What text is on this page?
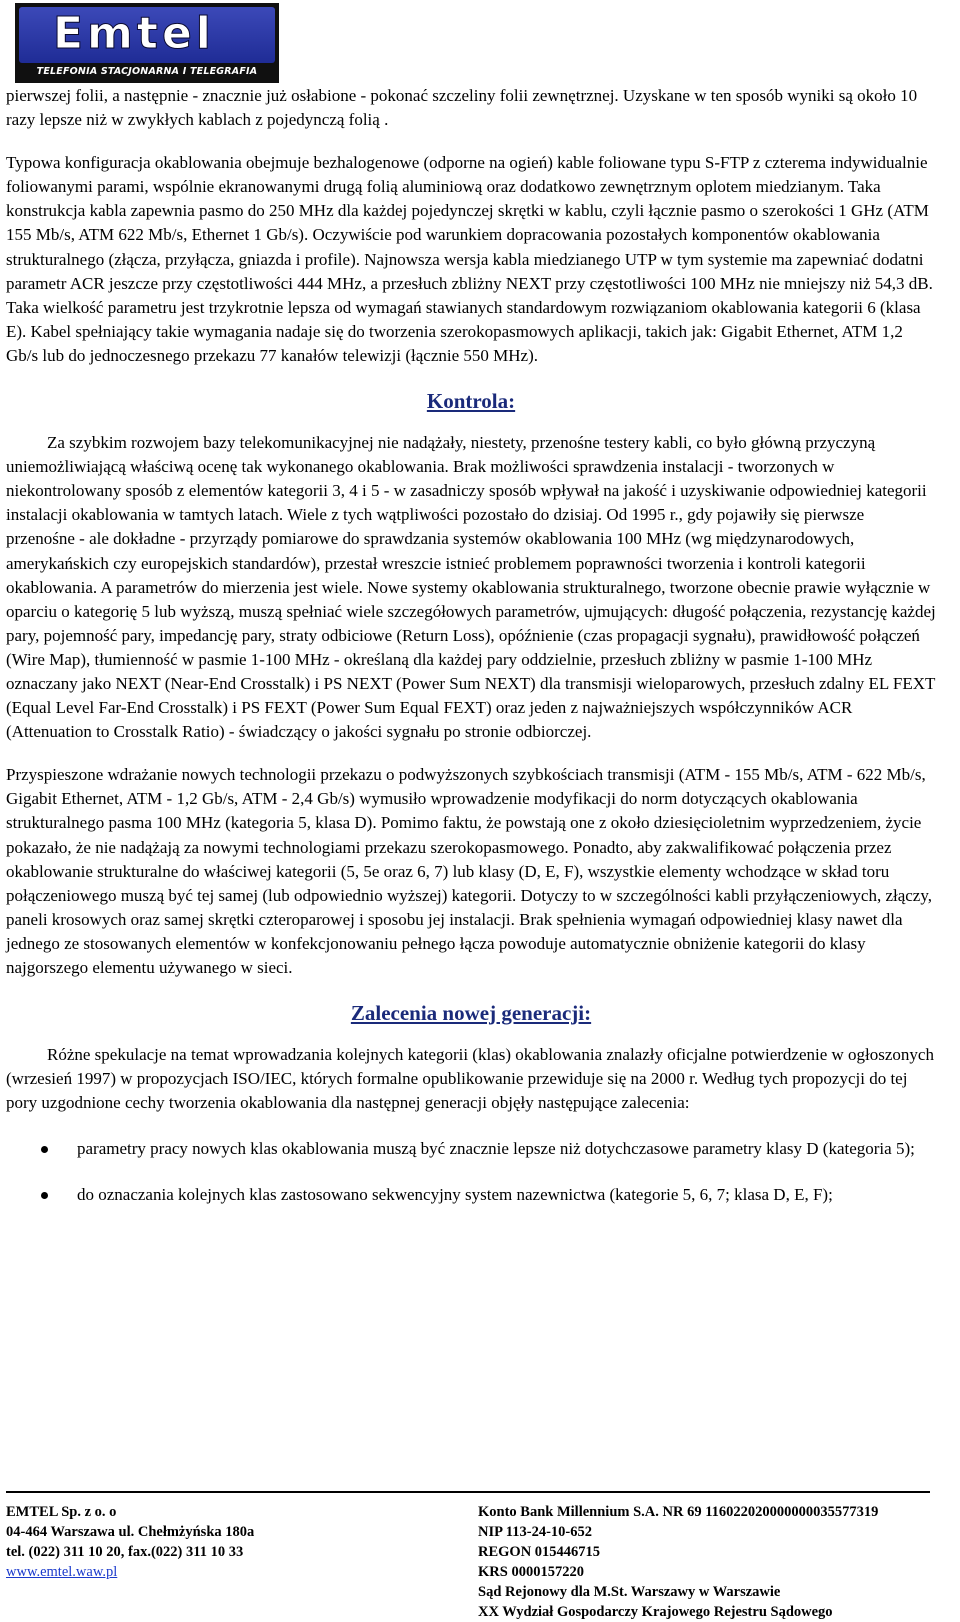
Emtel
TELEFONIA STACJONARNA I TELEGRAFIA

pierwszej folii, a następnie - znacznie już osłabione - pokonać szczeliny folii zewnętrznej. Uzyskane w ten sposób wyniki są około 10 razy lepsze niż w zwykłych kablach z pojedynczą folią .

Typowa konfiguracja okablowania obejmuje bezhalogenowe (odporne na ogień) kable foliowane typu S-FTP z czterema indywidualnie foliowanymi parami, wspólnie ekranowanymi drugą folią aluminiową oraz dodatkowo zewnętrznym oplotem miedzianym. Taka konstrukcja kabla zapewnia pasmo do 250 MHz dla każdej pojedynczej skrętki w kablu, czyli łącznie pasmo o szerokości 1 GHz (ATM 155 Mb/s, ATM 622 Mb/s, Ethernet 1 Gb/s). Oczywiście pod warunkiem dopracowania pozostałych komponentów okablowania strukturalnego (złącza, przyłącza, gniazda i profile). Najnowsza wersja kabla miedzianego UTP w tym systemie ma zapewniać dodatni parametr ACR jeszcze przy częstotliwości 444 MHz, a przesłuch zbliżny NEXT przy częstotliwości 100 MHz nie mniejszy niż 54,3 dB. Taka wielkość parametru jest trzykrotnie lepsza od wymagań stawianych standardowym rozwiązaniom okablowania kategorii 6 (klasa E). Kabel spełniający takie wymagania nadaje się do tworzenia szerokopasmowych aplikacji, takich jak: Gigabit Ethernet, ATM 1,2 Gb/s lub do jednoczesnego przekazu 77 kanałów telewizji (łącznie 550 MHz).

Kontrola:

Za szybkim rozwojem bazy telekomunikacyjnej nie nadążały, niestety, przenośne testery kabli, co było główną przyczyną uniemożliwiającą właściwą ocenę tak wykonanego okablowania. Brak możliwości sprawdzenia instalacji - tworzonych w niekontrolowany sposób z elementów kategorii 3, 4 i 5 - w zasadniczy sposób wpływał na jakość i uzyskiwanie odpowiedniej kategorii instalacji okablowania w tamtych latach. Wiele z tych wątpliwości pozostało do dzisiaj. Od 1995 r., gdy pojawiły się pierwsze przenośne - ale dokładne - przyrządy pomiarowe do sprawdzania systemów okablowania 100 MHz (wg międzynarodowych, amerykańskich czy europejskich standardów), przestał wreszcie istnieć problemem poprawności tworzenia i kontroli kategorii okablowania. A parametrów do mierzenia jest wiele. Nowe systemy okablowania strukturalnego, tworzone obecnie prawie wyłącznie w oparciu o kategorię 5 lub wyższą, muszą spełniać wiele szczegółowych parametrów, ujmujących: długość połączenia, rezystancję każdej pary, pojemność pary, impedancję pary, straty odbiciowe (Return Loss), opóźnienie (czas propagacji sygnału), prawidłowość połączeń (Wire Map), tłumienność w pasmie 1-100 MHz - określaną dla każdej pary oddzielnie, przesłuch zbliżny w pasmie 1-100 MHz oznaczany jako NEXT (Near-End Crosstalk) i PS NEXT (Power Sum NEXT) dla transmisji wieloparowych, przesłuch zdalny EL FEXT (Equal Level Far-End Crosstalk) i PS FEXT (Power Sum Equal FEXT) oraz jeden z najważniejszych współczynników ACR (Attenuation to Crosstalk Ratio) - świadczący o jakości sygnału po stronie odbiorczej.

Przyspieszone wdrażanie nowych technologii przekazu o podwyższonych szybkościach transmisji (ATM - 155 Mb/s, ATM - 622 Mb/s, Gigabit Ethernet, ATM - 1,2 Gb/s, ATM - 2,4 Gb/s) wymusiło wprowadzenie modyfikacji do norm dotyczących okablowania strukturalnego pasma 100 MHz (kategoria 5, klasa D). Pomimo faktu, że powstają one z około dziesięcioletnim wyprzedzeniem, życie pokazało, że nie nadążają za nowymi technologiami przekazu szerokopasmowego. Ponadto, aby zakwalifikować połączenia przez okablowanie strukturalne do właściwej kategorii (5, 5e oraz 6, 7) lub klasy (D, E, F), wszystkie elementy wchodzące w skład toru połączeniowego muszą być tej samej (lub odpowiednio wyższej) kategorii. Dotyczy to w szczególności kabli przyłączeniowych, złączy, paneli krosowych oraz samej skrętki czteroparowej i sposobu jej instalacji. Brak spełnienia wymagań odpowiedniej klasy nawet dla jednego ze stosowanych elementów w konfekcjonowaniu pełnego łącza powoduje automatycznie obniżenie kategorii do klasy najgorszego elementu używanego w sieci.

Zalecenia nowej generacji:

Różne spekulacje na temat wprowadzania kolejnych kategorii (klas) okablowania znalazły oficjalne potwierdzenie w ogłoszonych (wrzesień 1997) w propozycjach ISO/IEC, których formalne opublikowanie przewiduje się na 2000 r. Według tych propozycji do tej pory uzgodnione cechy tworzenia okablowania dla następnej generacji objęły następujące zalecenia:

parametry pracy nowych klas okablowania muszą być znacznie lepsze niż dotychczasowe parametry klasy D (kategoria 5);
do oznaczania kolejnych klas zastosowano sekwencyjny system nazewnictwa (kategorie 5, 6, 7; klasa D, E, F);
EMTEL Sp. z o. o
04-464 Warszawa ul. Chełmżyńska 180a
tel. (022) 311 10 20, fax.(022) 311 10 33
www.emtel.waw.pl
Konto Bank Millennium S.A. NR 69 116022020000000035577319
NIP 113-24-10-652
REGON 015446715
KRS 0000157220
Sąd Rejonowy dla M.St. Warszawy w Warszawie
XX Wydział Gospodarczy Krajowego Rejestru Sądowego
